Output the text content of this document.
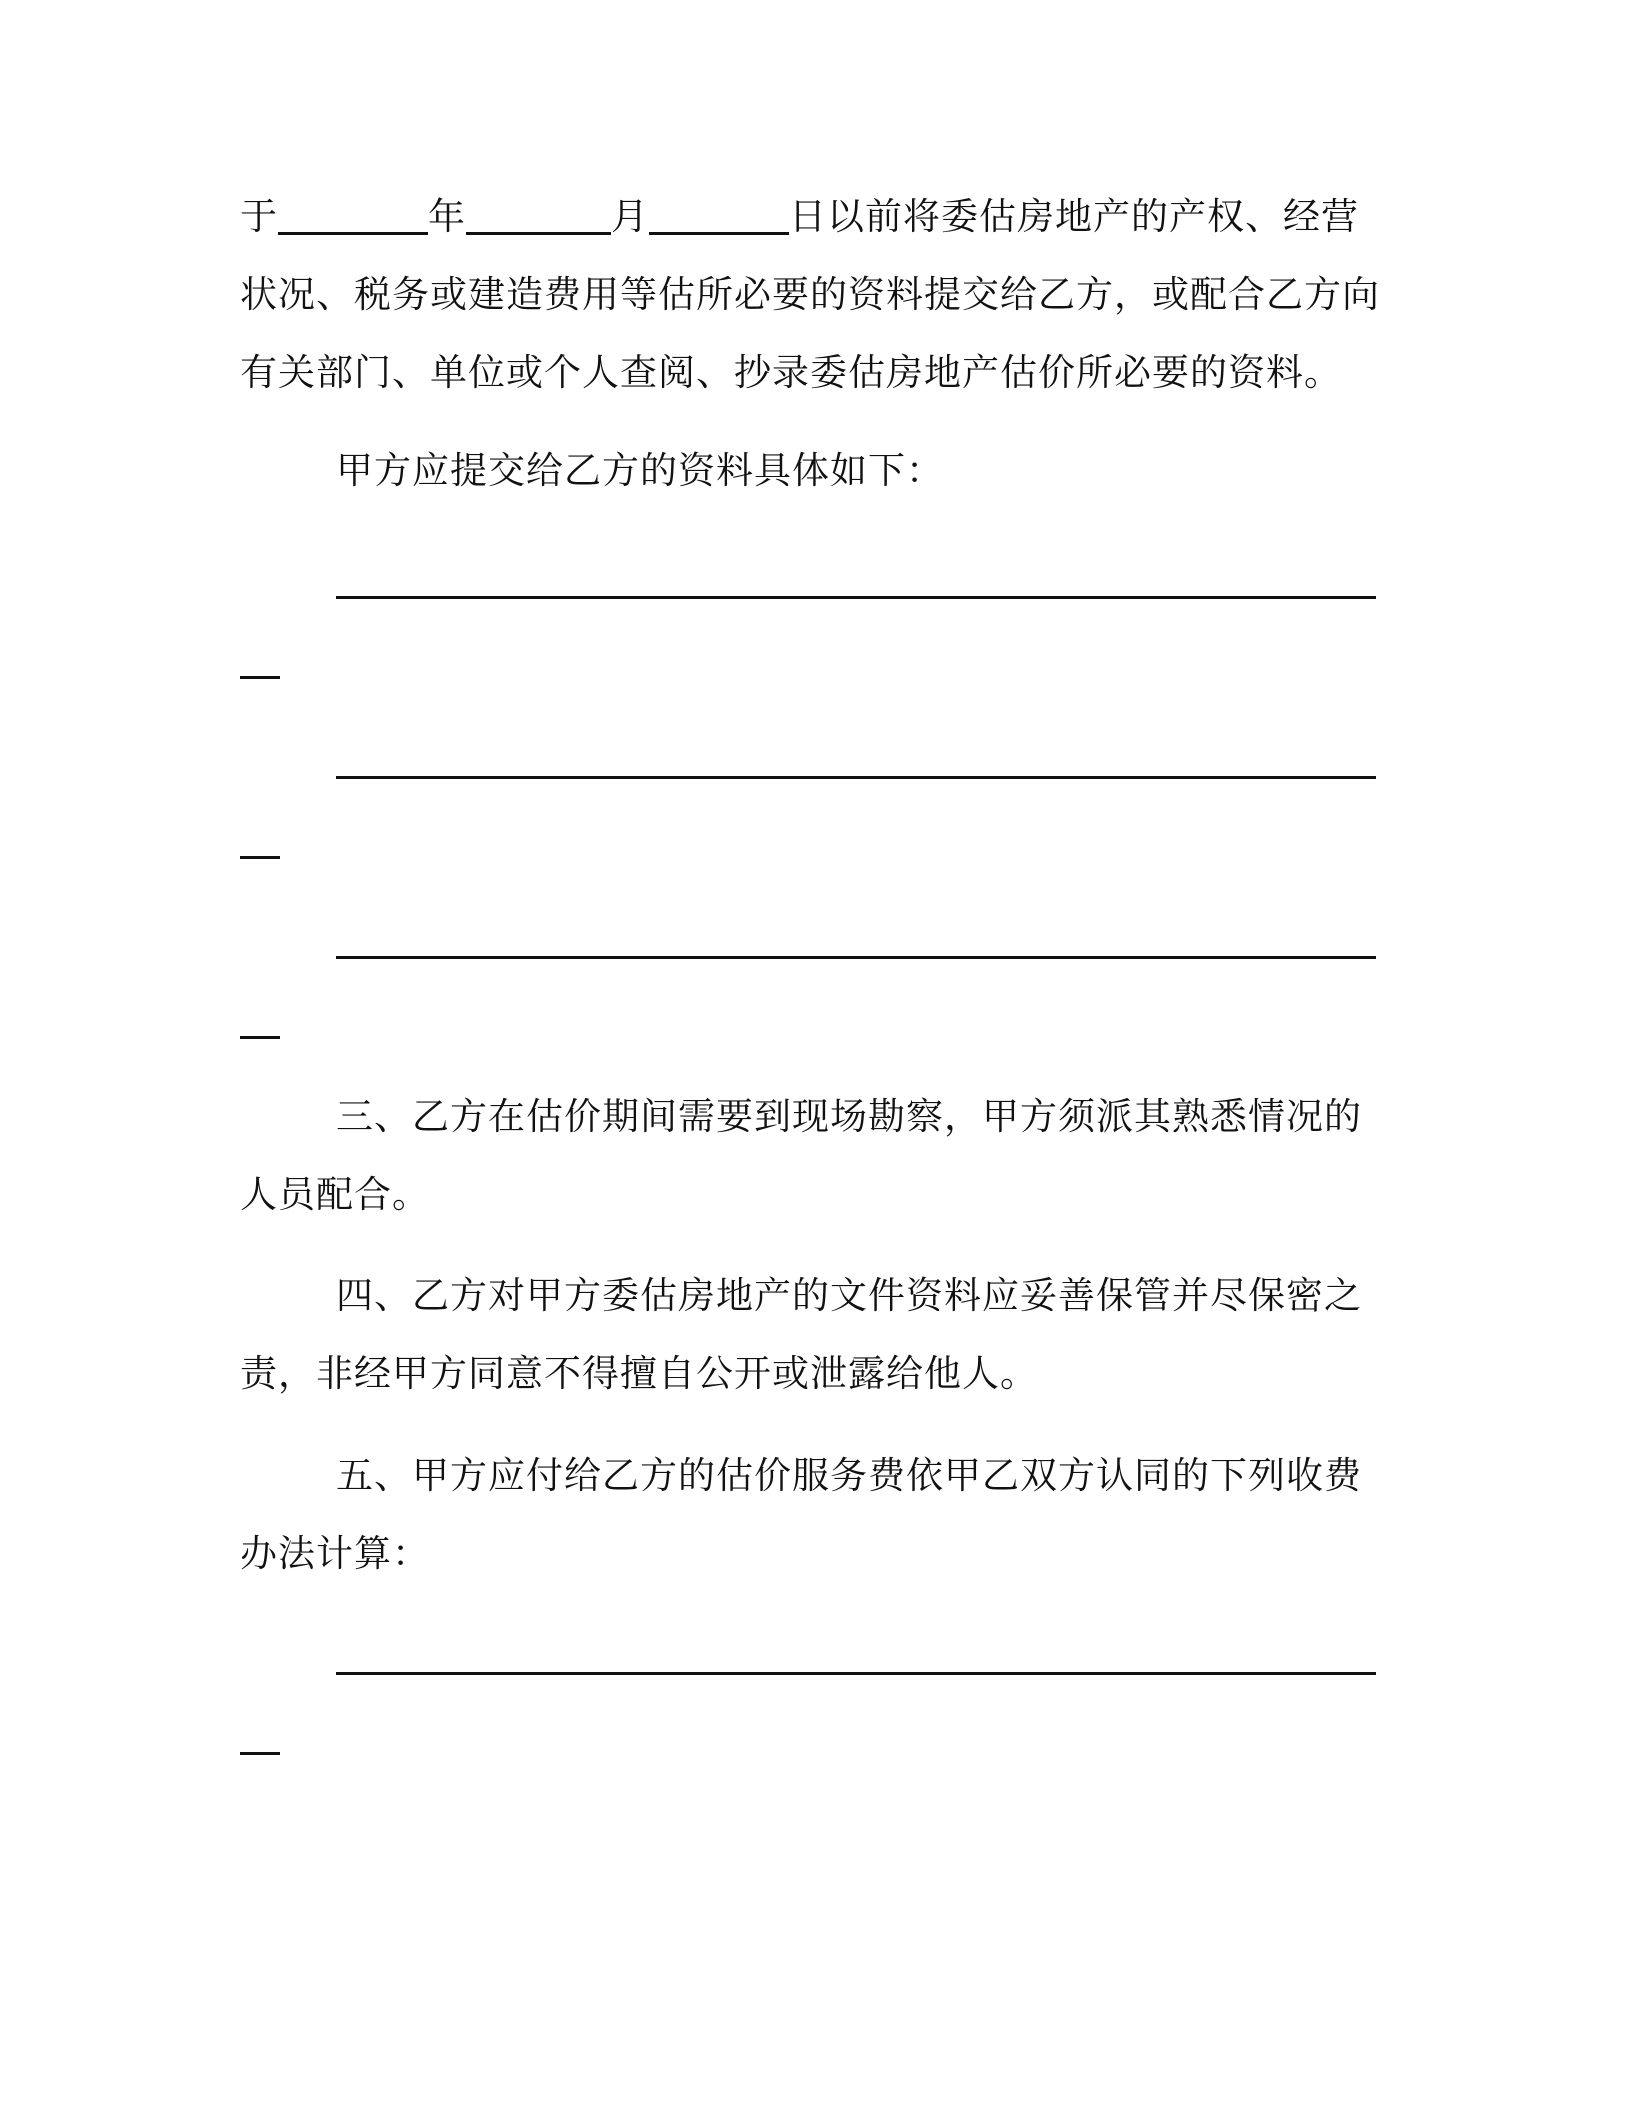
于	年	月	日以前将委估房地产的产权、经营状况、税务或建造费用等估所必要的资料提交给乙方，或配合乙方向有关部门、单位或个人查阅、抄录委估房地产估价所必要的资料。

甲方应提交给乙方的资料具体如下：

三、乙方在估价期间需要到现场勘察，甲方须派其熟悉情况的人员配合。

四、乙方对甲方委估房地产的文件资料应妥善保管并尽保密之责，非经甲方同意不得擅自公开或泄露给他人。

五、甲方应付给乙方的估价服务费依甲乙双方认同的下列收费办法计算：
